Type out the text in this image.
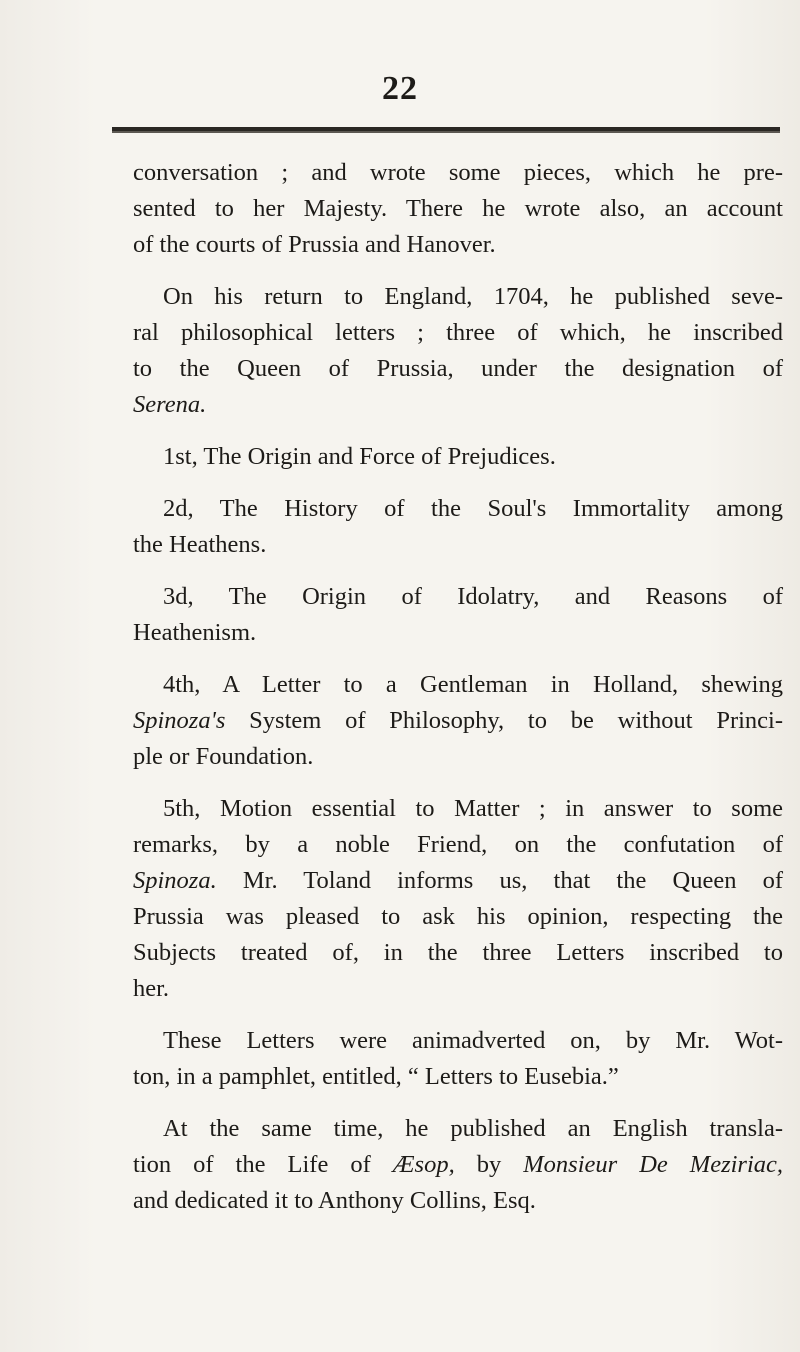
22

conversation ; and wrote some pieces, which he pre-
sented to her Majesty. There he wrote also, an account
of the courts of Prussia and Hanover.

On his return to England, 1704, he published seve-
ral philosophical letters ; three of which, he inscribed
to the Queen of Prussia, under the designation of
Serena.

1st, The Origin and Force of Prejudices.

2d, The History of the Soul's Immortality among
the Heathens.

3d, The Origin of Idolatry, and Reasons of
Heathenism.

4th, A Letter to a Gentleman in Holland, shewing
Spinoza's System of Philosophy, to be without Princi-
ple or Foundation.

5th, Motion essential to Matter ; in answer to some
remarks, by a noble Friend, on the confutation of
Spinoza. Mr. Toland informs us, that the Queen of
Prussia was pleased to ask his opinion, respecting the
Subjects treated of, in the three Letters inscribed to
her.

These Letters were animadverted on, by Mr. Wot-
ton, in a pamphlet, entitled, “ Letters to Eusebia.”

At the same time, he published an English transla-
tion of the Life of Æsop, by Monsieur De Meziriac,
and dedicated it to Anthony Collins, Esq.
